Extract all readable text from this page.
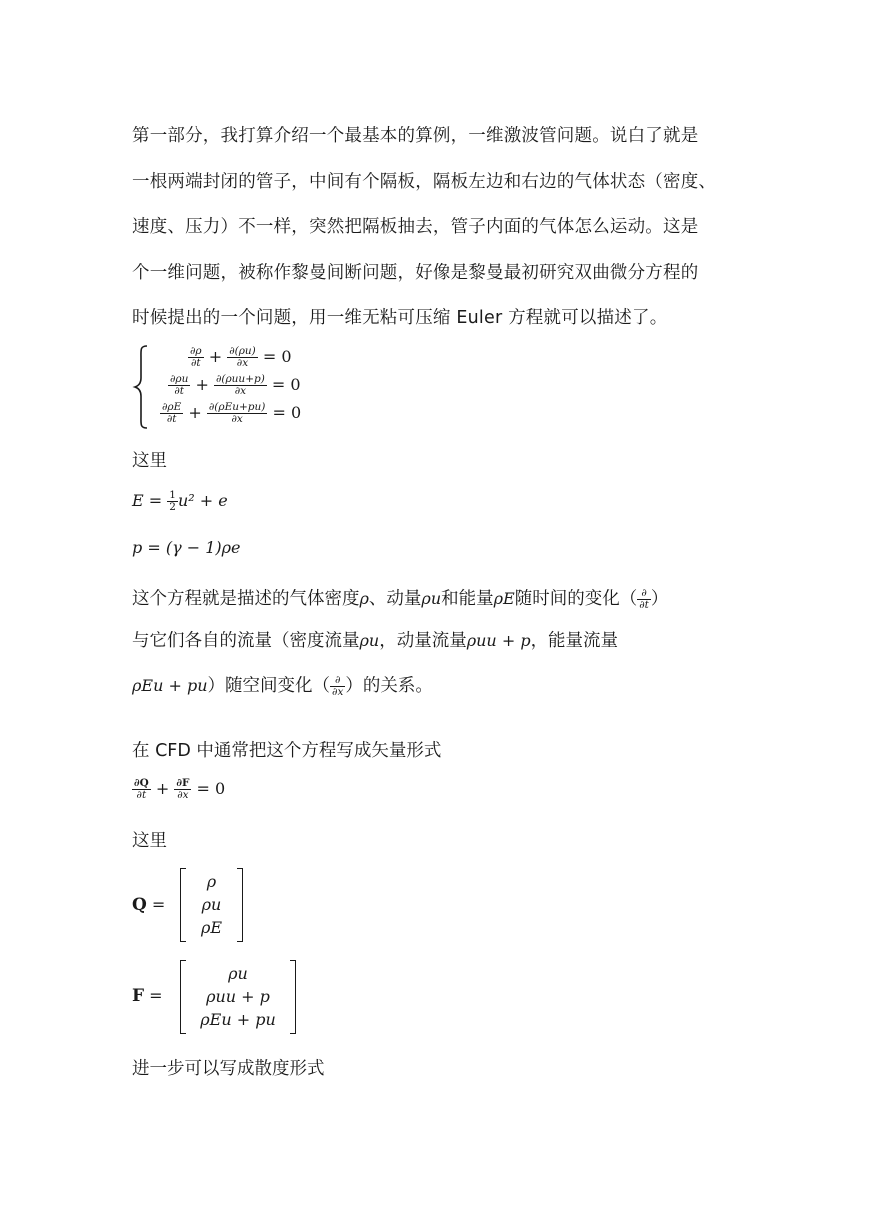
第一部分，我打算介绍一个最基本的算例，一维激波管问题。说白了就是
一根两端封闭的管子，中间有个隔板，隔板左边和右边的气体状态（密度、
速度、压力）不一样，突然把隔板抽去，管子内面的气体怎么运动。这是
个一维问题，被称作黎曼间断问题，好像是黎曼最初研究双曲微分方程的
时候提出的一个问题，用一维无粘可压缩 Euler 方程就可以描述了。
$\frac{\partial\rho}{\partial t} + \frac{\partial(\rho u)}{\partial x} = 0$
$\frac{\partial\rho u}{\partial t} + \frac{\text{∂(ρuu+p)}}{\partial x} = 0$
$\frac{\partial\rho E}{\partial t} + \frac{\text{∂(ρEu+pu)}}{\partial x} = 0$
这里
$E = \frac{1}{2} u^2 + e$
p = (γ − 1)ρe
这个方程就是描述的气体密度ρ、动量ρu和能量ρE随时间的变化（ $\frac{\partial}{\partial t}$ ）
与它们各自的流量（密度流量ρu，动量流量ρuu + p，能量流量
ρEu + pu）随空间变化（ $\frac{\partial}{\partial x}$ ）的关系。
在 CFD 中通常把这个方程写成矢量形式
$\frac{\partial Q}{\partial t} + \frac{\partial F}{\partial x} = 0$
这里
Q =
ρ
ρu
ρE
F =
ρu
ρuu + p
ρEu + pu
进一步可以写成散度形式
